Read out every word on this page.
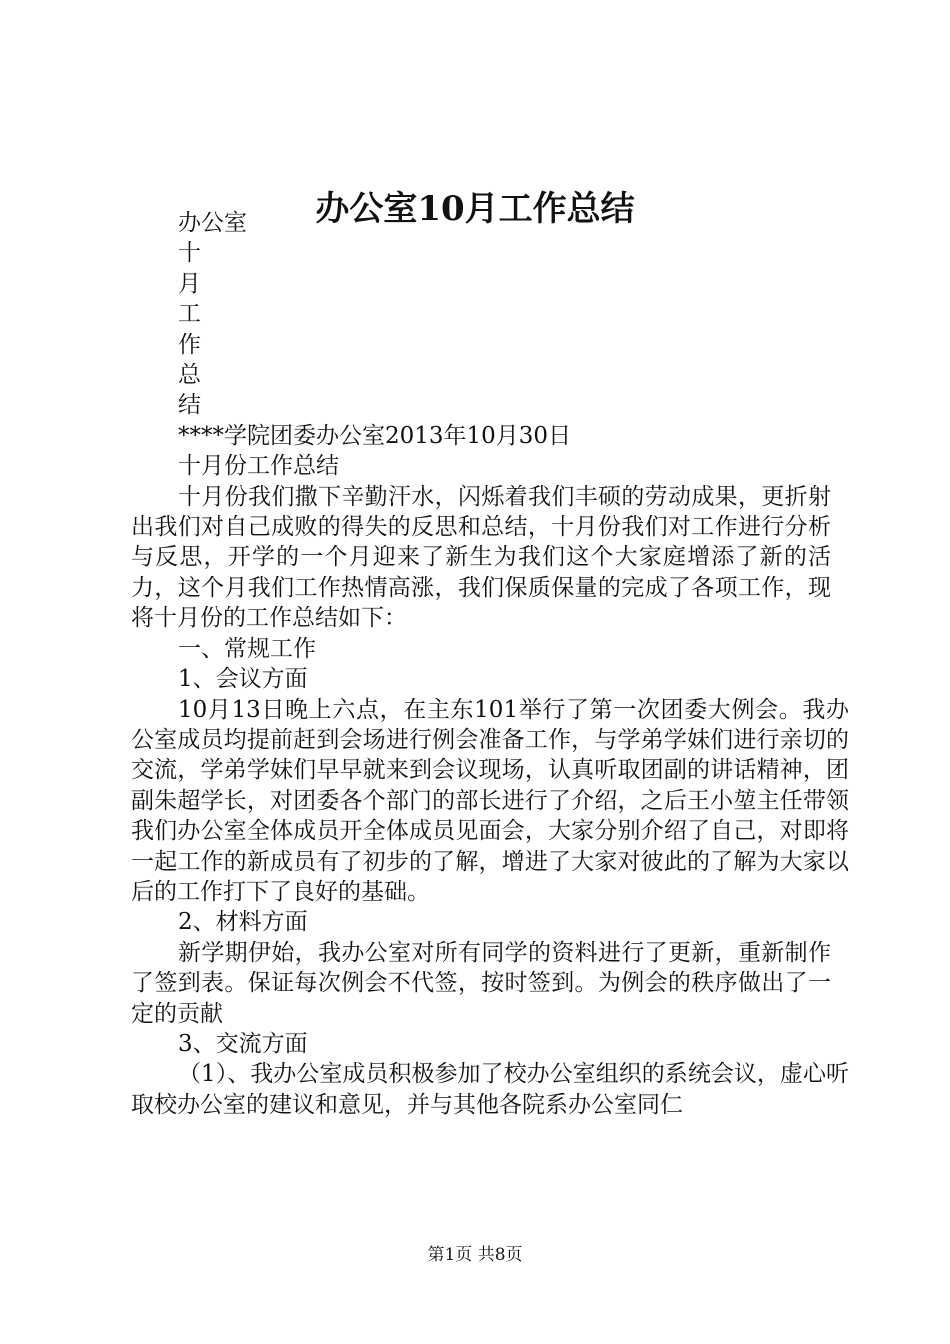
办公室10月工作总结
办公室
十
月
工
作
总
结
****学院团委办公室2013年10月30日
十月份工作总结

十月份我们撒下辛勤汗水，闪烁着我们丰硕的劳动成果，更折射出我们对自己成败的得失的反思和总结，十月份我们对工作进行分析与反思，开学的一个月迎来了新生为我们这个大家庭增添了新的活力，这个月我们工作热情高涨，我们保质保量的完成了各项工作，现将十月份的工作总结如下：

一、常规工作
1、会议方面

10月13日晚上六点，在主东101举行了第一次团委大例会。我办公室成员均提前赶到会场进行例会准备工作，与学弟学妹们进行亲切的交流，学弟学妹们早早就来到会议现场，认真听取团副的讲话精神，团副朱超学长，对团委各个部门的部长进行了介绍，之后王小堃主任带领我们办公室全体成员开全体成员见面会，大家分别介绍了自己，对即将一起工作的新成员有了初步的了解，增进了大家对彼此的了解为大家以后的工作打下了良好的基础。

2、材料方面

新学期伊始，我办公室对所有同学的资料进行了更新，重新制作了签到表。保证每次例会不代签，按时签到。为例会的秩序做出了一定的贡献

3、交流方面

（1）、我办公室成员积极参加了校办公室组织的系统会议，虚心听取校办公室的建议和意见，并与其他各院系办公室同仁

第1页 共8页
